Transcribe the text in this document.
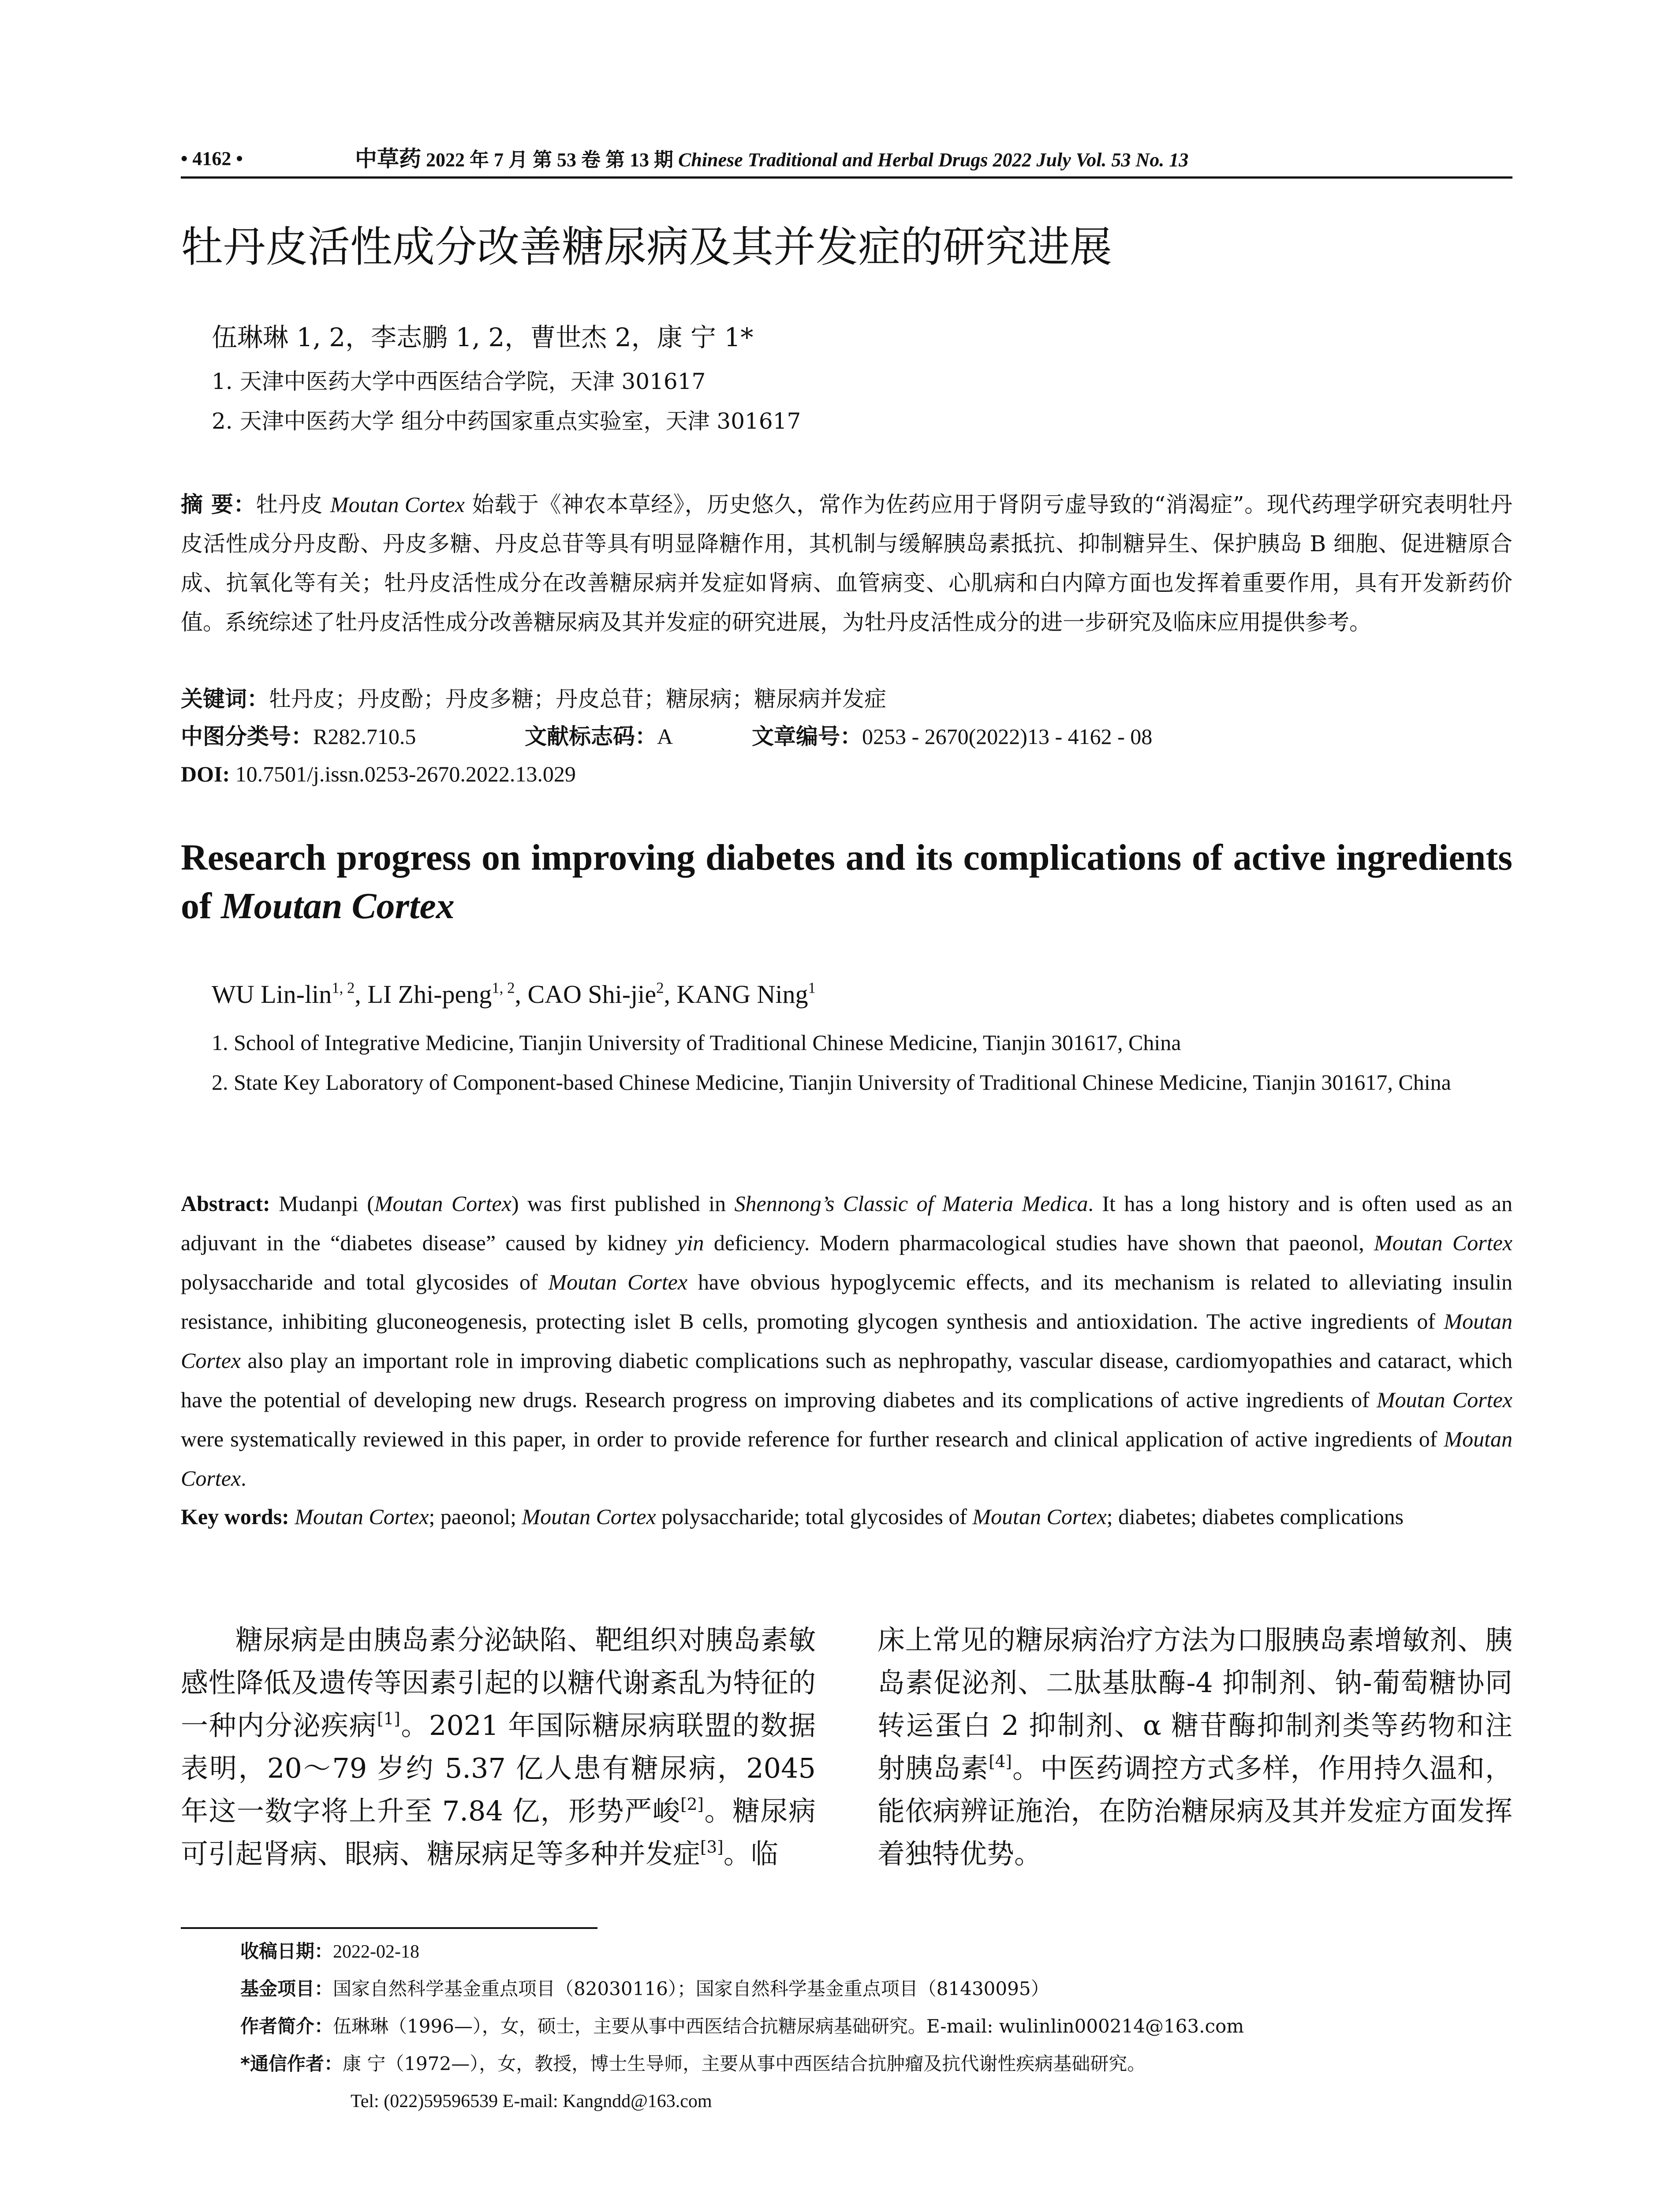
• 4162 •	中草药 2022 年 7 月 第 53 卷 第 13 期 Chinese Traditional and Herbal Drugs 2022 July Vol. 53 No. 13
牡丹皮活性成分改善糖尿病及其并发症的研究进展
伍琳琳 1, 2，李志鹏 1, 2，曹世杰 2，康 宁 1*
1. 天津中医药大学中西医结合学院，天津 301617
2. 天津中医药大学 组分中药国家重点实验室，天津 301617
摘 要：牡丹皮 Moutan Cortex 始载于《神农本草经》，历史悠久，常作为佐药应用于肾阴亏虚导致的“消渴症”。现代药理学研究表明牡丹皮活性成分丹皮酚、丹皮多糖、丹皮总苷等具有明显降糖作用，其机制与缓解胰岛素抵抗、抑制糖异生、保护胰岛 B 细胞、促进糖原合成、抗氧化等有关；牡丹皮活性成分在改善糖尿病并发症如肾病、血管病变、心肌病和白内障方面也发挥着重要作用，具有开发新药价值。系统综述了牡丹皮活性成分改善糖尿病及其并发症的研究进展，为牡丹皮活性成分的进一步研究及临床应用提供参考。
关键词：牡丹皮；丹皮酚；丹皮多糖；丹皮总苷；糖尿病；糖尿病并发症
中图分类号：R282.710.5	文献标志码：A	文章编号：0253 - 2670(2022)13 - 4162 - 08
DOI: 10.7501/j.issn.0253-2670.2022.13.029
Research progress on improving diabetes and its complications of active ingredients of Moutan Cortex
WU Lin-lin$^{1, 2}$, LI Zhi-peng$^{1, 2}$, CAO Shi-jie$^2$, KANG Ning$^1$
1. School of Integrative Medicine, Tianjin University of Traditional Chinese Medicine, Tianjin 301617, China
2. State Key Laboratory of Component-based Chinese Medicine, Tianjin University of Traditional Chinese Medicine, Tianjin 301617, China
Abstract: Mudanpi (Moutan Cortex) was first published in Shennong’s Classic of Materia Medica. It has a long history and is often used as an adjuvant in the “diabetes disease” caused by kidney yin deficiency. Modern pharmacological studies have shown that paeonol, Moutan Cortex polysaccharide and total glycosides of Moutan Cortex have obvious hypoglycemic effects, and its mechanism is related to alleviating insulin resistance, inhibiting gluconeogenesis, protecting islet B cells, promoting glycogen synthesis and antioxidation. The active ingredients of Moutan Cortex also play an important role in improving diabetic complications such as nephropathy, vascular disease, cardiomyopathies and cataract, which have the potential of developing new drugs. Research progress on improving diabetes and its complications of active ingredients of Moutan Cortex were systematically reviewed in this paper, in order to provide reference for further research and clinical application of active ingredients of Moutan Cortex.
Key words: Moutan Cortex; paeonol; Moutan Cortex polysaccharide; total glycosides of Moutan Cortex; diabetes; diabetes complications
糖尿病是由胰岛素分泌缺陷、靶组织对胰岛素敏感性降低及遗传等因素引起的以糖代谢紊乱为特征的一种内分泌疾病[1]。2021 年国际糖尿病联盟的数据表明，20～79 岁约 5.37 亿人患有糖尿病，2045 年这一数字将上升至 7.84 亿，形势严峻[2]。糖尿病可引起肾病、眼病、糖尿病足等多种并发症[3]。临
床上常见的糖尿病治疗方法为口服胰岛素增敏剂、胰岛素促泌剂、二肽基肽酶-4 抑制剂、钠-葡萄糖协同转运蛋白 2 抑制剂、α 糖苷酶抑制剂类等药物和注射胰岛素[4]。中医药调控方式多样，作用持久温和，能依病辨证施治，在防治糖尿病及其并发症方面发挥着独特优势。
收稿日期：2022-02-18
基金项目：国家自然科学基金重点项目（82030116）；国家自然科学基金重点项目（81430095）
作者简介：伍琳琳（1996—），女，硕士，主要从事中西医结合抗糖尿病基础研究。E-mail: wulinlin000214@163.com
*通信作者：康 宁（1972—），女，教授，博士生导师，主要从事中西医结合抗肿瘤及抗代谢性疾病基础研究。
Tel: (022)59596539 E-mail: Kangndd@163.com
